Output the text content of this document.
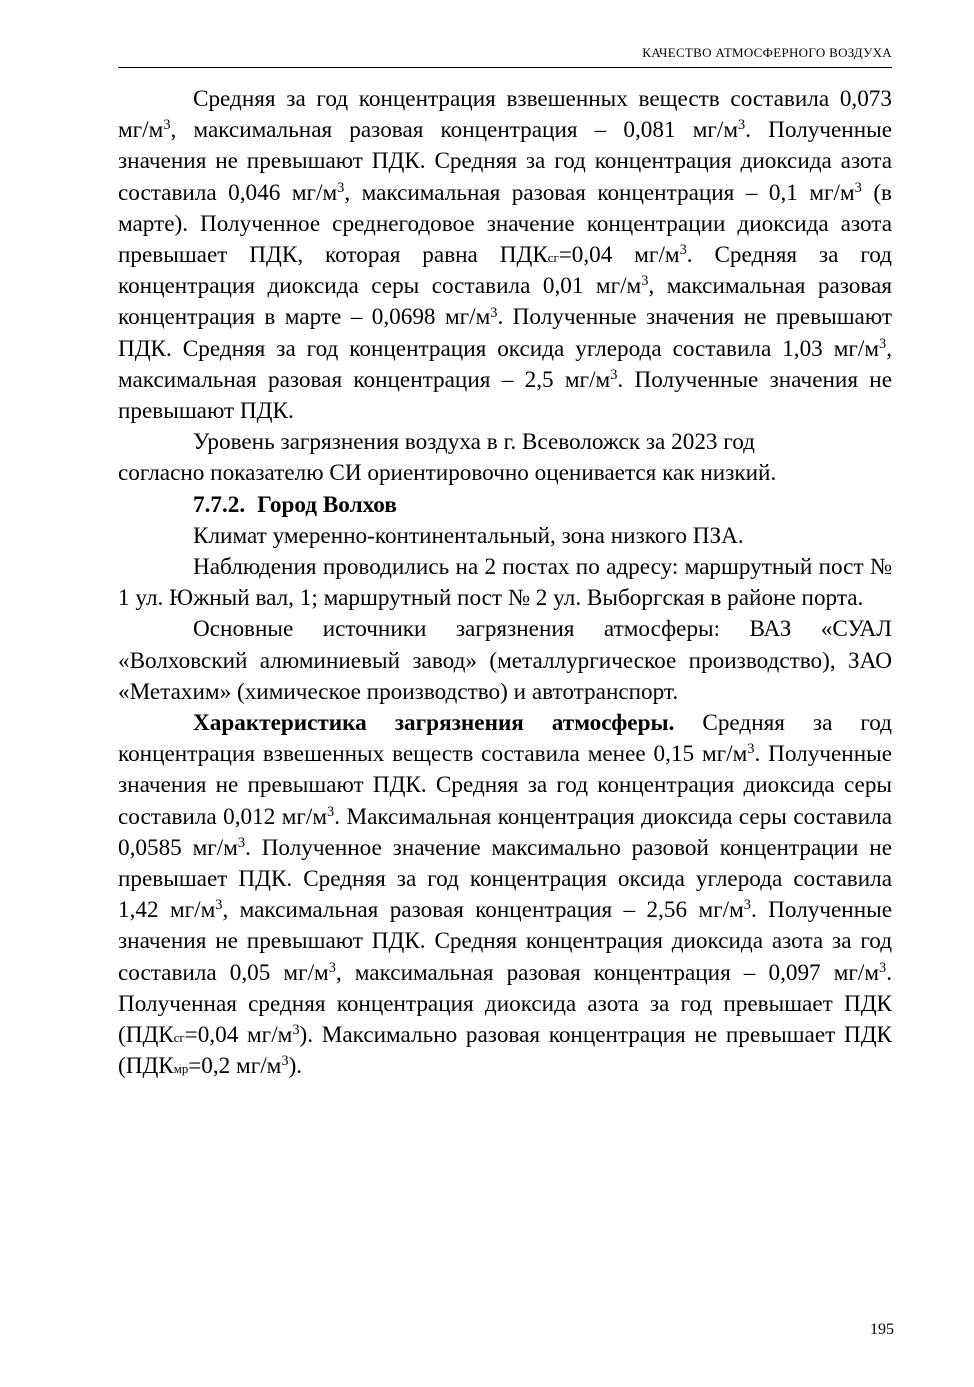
КАЧЕСТВО АТМОСФЕРНОГО ВОЗДУХА

Средняя за год концентрация взвешенных веществ составила 0,073 $мг/м^3$, максимальная разовая концентрация – 0,081 $мг/м^3$. Полученные значения не превышают ПДК. Средняя за год концентрация диоксида азота составила 0,046 $мг/м^3$, максимальная разовая концентрация – 0,1 $мг/м^3$ (в марте). Полученное среднегодовое значение концентрации диоксида азота превышает ПДК, которая равна ПДКсг=0,04 $мг/м^3$. Средняя за год концентрация диоксида серы составила 0,01 $мг/м^3$, максимальная разовая концентрация в марте – 0,0698 $мг/м^3$. Полученные значения не превышают ПДК. Средняя за год концентрация оксида углерода составила 1,03 $мг/м^3$, максимальная разовая концентрация – 2,5 $мг/м^3$. Полученные значения не превышают ПДК.

Уровень загрязнения воздуха в г. Всеволожск за 2023 год
согласно показателю СИ ориентировочно оценивается как низкий.

7.7.2. Город Волхов

Климат умеренно-континентальный, зона низкого ПЗА.

Наблюдения проводились на 2 постах по адресу: маршрутный пост № 1 ул. Южный вал, 1; маршрутный пост № 2 ул. Выборгская в районе порта.

Основные источники загрязнения атмосферы: ВАЗ «СУАЛ «Волховский алюминиевый завод» (металлургическое производство), ЗАО «Метахим» (химическое производство) и автотранспорт.

Характеристика загрязнения атмосферы. Средняя за год концентрация взвешенных веществ составила менее 0,15 $мг/м^3$. Полученные значения не превышают ПДК. Средняя за год концентрация диоксида серы составила 0,012 $мг/м^3$. Максимальная концентрация диоксида серы составила 0,0585 $мг/м^3$. Полученное значение максимально разовой концентрации не превышает ПДК. Средняя за год концентрация оксида углерода составила 1,42 $мг/м^3$, максимальная разовая концентрация – 2,56 $мг/м^3$. Полученные значения не превышают ПДК. Средняя концентрация диоксида азота за год составила 0,05 $мг/м^3$, максимальная разовая концентрация – 0,097 $мг/м^3$. Полученная средняя концентрация диоксида азота за год превышает ПДК (ПДКсг=0,04 $мг/м^3$). Максимально разовая концентрация не превышает ПДК (ПДКмр=0,2 $мг/м^3$).

195
